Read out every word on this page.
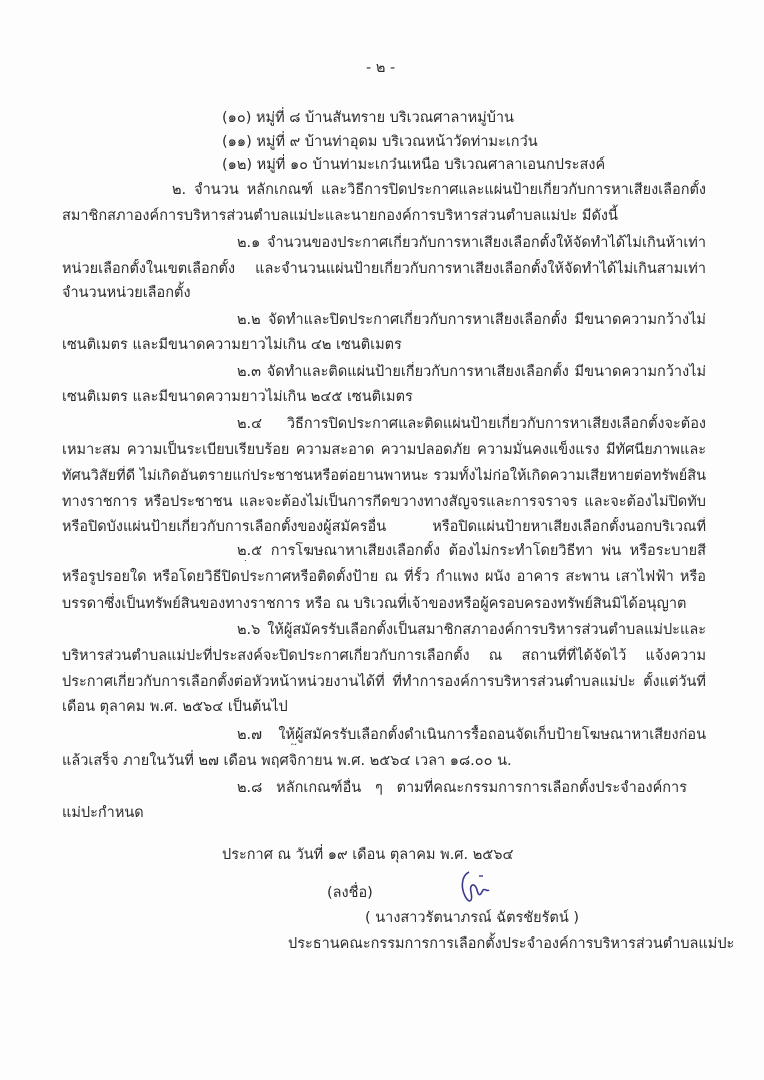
- ๒ -
(๑๐) หมู่ที่ ๘ บ้านสันทราย บริเวณศาลาหมู่บ้าน
(๑๑) หมู่ที่ ๙ บ้านท่าอุดม บริเวณหน้าวัดท่ามะเกว๋น
(๑๒) หมู่ที่ ๑๐ บ้านท่ามะเกว๋นเหนือ บริเวณศาลาเอนกประสงค์
๒. จำนวน หลักเกณฑ์ และวิธีการปิดประกาศและแผ่นป้ายเกี่ยวกับการหาเสียงเลือกตั้ง
สมาชิกสภาองค์การบริหารส่วนตำบลแม่ปะและนายกองค์การบริหารส่วนตำบลแม่ปะ มีดังนี้
๒.๑ จำนวนของประกาศเกี่ยวกับการหาเสียงเลือกตั้งให้จัดทำได้ไม่เกินห้าเท่า
หน่วยเลือกตั้งในเขตเลือกตั้ง และจำนวนแผ่นป้ายเกี่ยวกับการหาเสียงเลือกตั้งให้จัดทำได้ไม่เกินสามเท่า
จำนวนหน่วยเลือกตั้ง
๒.๒ จัดทำและปิดประกาศเกี่ยวกับการหาเสียงเลือกตั้ง มีขนาดความกว้างไม่
เซนติเมตร และมีขนาดความยาวไม่เกิน ๔๒ เซนติเมตร
๒.๓ จัดทำและติดแผ่นป้ายเกี่ยวกับการหาเสียงเลือกตั้ง มีขนาดความกว้างไม่
เซนติเมตร และมีขนาดความยาวไม่เกิน ๒๔๕ เซนติเมตร
๒.๔ วิธีการปิดประกาศและติดแผ่นป้ายเกี่ยวกับการหาเสียงเลือกตั้งจะต้อง
เหมาะสม ความเป็นระเบียบเรียบร้อย ความสะอาด ความปลอดภัย ความมั่นคงแข็งแรง มีทัศนียภาพและ
ทัศนวิสัยที่ดี ไม่เกิดอันตรายแก่ประชาชนหรือต่อยานพาหนะ รวมทั้งไม่ก่อให้เกิดความเสียหายต่อทรัพย์สิน
ทางราชการ หรือประชาชน และจะต้องไม่เป็นการกีดขวางทางสัญจรและการจราจร และจะต้องไม่ปิดทับ
หรือปิดบังแผ่นป้ายเกี่ยวกับการเลือกตั้งของผู้สมัครอื่น หรือปิดแผ่นป้ายหาเสียงเลือกตั้งนอกบริเวณที่
๒.๕ การโฆษณาหาเสียงเลือกตั้ง ต้องไม่กระทำโดยวิธีทา พ่น หรือระบายสี
หรือรูปรอยใด หรือโดยวิธีปิดประกาศหรือติดตั้งป้าย ณ ที่รั้ว กำแพง ผนัง อาคาร สะพาน เสาไฟฟ้า หรือ
บรรดาซึ่งเป็นทรัพย์สินของทางราชการ หรือ ณ บริเวณที่เจ้าของหรือผู้ครอบครองทรัพย์สินมิได้อนุญาต
๒.๖ ให้ผู้สมัครรับเลือกตั้งเป็นสมาชิกสภาองค์การบริหารส่วนตำบลแม่ปะและ
บริหารส่วนตำบลแม่ปะที่ประสงค์จะปิดประกาศเกี่ยวกับการเลือกตั้ง ณ สถานที่ที่ได้จัดไว้ แจ้งความ
ประกาศเกี่ยวกับการเลือกตั้งต่อหัวหน้าหน่วยงานได้ที่ ที่ทำการองค์การบริหารส่วนตำบลแม่ปะ ตั้งแต่วันที่
เดือน ตุลาคม พ.ศ. ๒๕๖๔ เป็นต้นไป
๒.๗ ให้ผู้สมัครรับเลือกตั้งดำเนินการรื้อถอนจัดเก็บป้ายโฆษณาหาเสียงก่อน
แล้วเสร็จ ภายในวันที่ ๒๗ เดือน พฤศจิกายน พ.ศ. ๒๕๖๔ เวลา ๑๘.๐๐ น.
๒.๘ หลักเกณฑ์อื่น ๆ ตามที่คณะกรรมการการเลือกตั้งประจำองค์การ
แม่ปะกำหนด
ประกาศ ณ วันที่ ๑๙ เดือน ตุลาคม พ.ศ. ๒๕๖๔
(ลงชื่อ)
( นางสาวรัตนาภรณ์ ฉัตรชัยรัตน์ )
ประธานคณะกรรมการการเลือกตั้งประจำองค์การบริหารส่วนตำบลแม่ปะ
